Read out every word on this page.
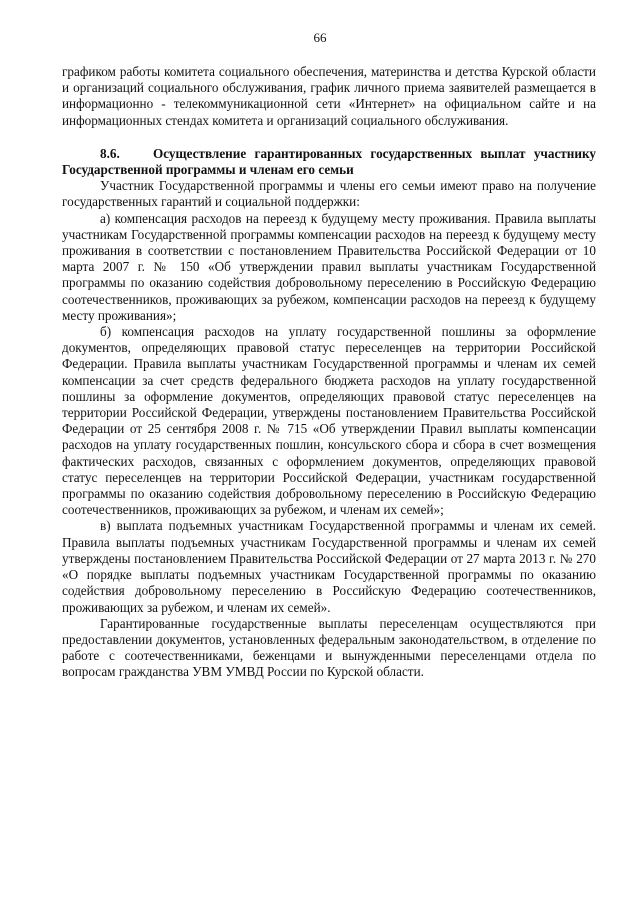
66

графиком работы комитета социального обеспечения, материнства и детства Курской области и организаций социального обслуживания, график личного приема заявителей размещается в информационно - телекоммуникационной сети «Интернет» на официальном сайте и на информационных стендах комитета и организаций социального обслуживания.

8.6.	Осуществление гарантированных государственных выплат участнику Государственной программы и членам его семьи

Участник Государственной программы и члены его семьи имеют право на получение государственных гарантий и социальной поддержки:

а) компенсация расходов на переезд к будущему месту проживания. Правила выплаты участникам Государственной программы компенсации расходов на переезд к будущему месту проживания в соответствии с постановлением Правительства Российской Федерации от 10 марта 2007 г. № 150 «Об утверждении правил выплаты участникам Государственной программы по оказанию содействия добровольному переселению в Российскую Федерацию соотечественников, проживающих за рубежом, компенсации расходов на переезд к будущему месту проживания»;

б) компенсация расходов на уплату государственной пошлины за оформление документов, определяющих правовой статус переселенцев на территории Российской Федерации. Правила выплаты участникам Государственной программы и членам их семей компенсации за счет средств федерального бюджета расходов на уплату государственной пошлины за оформление документов, определяющих правовой статус переселенцев на территории Российской Федерации, утверждены постановлением Правительства Российской Федерации от 25 сентября 2008 г. № 715 «Об утверждении Правил выплаты компенсации расходов на уплату государственных пошлин, консульского сбора и сбора в счет возмещения фактических расходов, связанных с оформлением документов, определяющих правовой статус переселенцев на территории Российской Федерации, участникам государственной программы по оказанию содействия добровольному переселению в Российскую Федерацию соотечественников, проживающих за рубежом, и членам их семей»;

в) выплата подъемных участникам Государственной программы и членам их семей. Правила выплаты подъемных участникам Государственной программы и членам их семей утверждены постановлением Правительства Российской Федерации от 27 марта 2013 г. № 270 «О порядке выплаты подъемных участникам Государственной программы по оказанию содействия добровольному переселению в Российскую Федерацию соотечественников, проживающих за рубежом, и членам их семей».

Гарантированные государственные выплаты переселенцам осуществляются при предоставлении документов, установленных федеральным законодательством, в отделение по работе с соотечественниками, беженцами и вынужденными переселенцами отдела по вопросам гражданства УВМ УМВД России по Курской области.
